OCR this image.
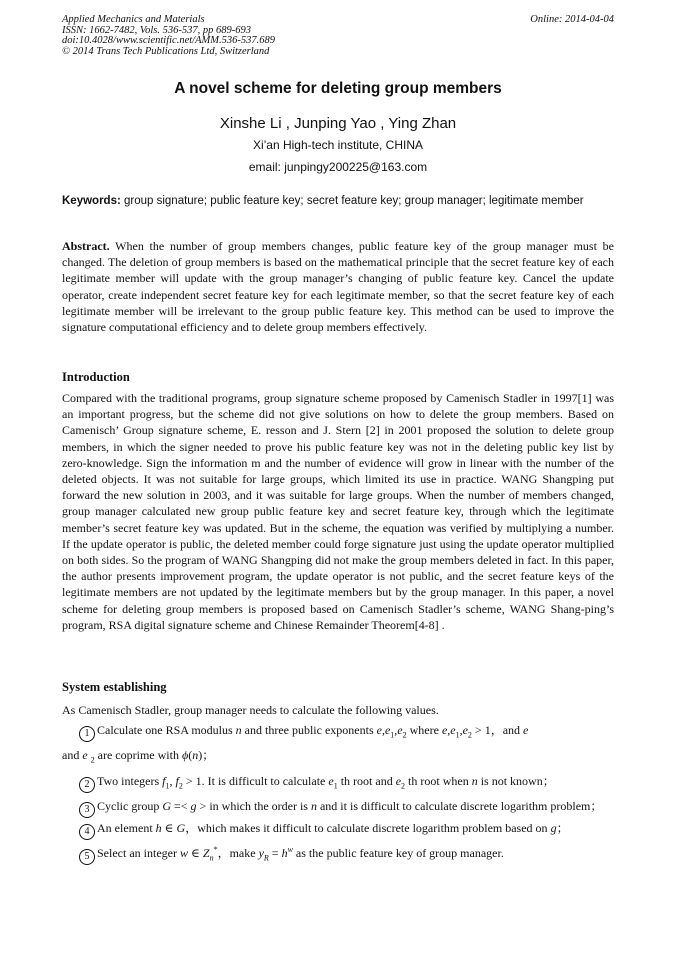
Applied Mechanics and Materials
ISSN: 1662-7482, Vols. 536-537, pp 689-693
doi:10.4028/www.scientific.net/AMM.536-537.689
© 2014 Trans Tech Publications Ltd, Switzerland
Online: 2014-04-04
A novel scheme for deleting group members
Xinshe Li , Junping Yao , Ying Zhan
Xi’an High-tech institute, CHINA
email: junpingy200225@163.com
Keywords: group signature; public feature key; secret feature key; group manager; legitimate member
Abstract. When the number of group members changes, public feature key of the group manager must be changed. The deletion of group members is based on the mathematical principle that the secret feature key of each legitimate member will update with the group manager’s changing of public feature key. Cancel the update operator, create independent secret feature key for each legitimate member, so that the secret feature key of each legitimate member will be irrelevant to the group public feature key. This method can be used to improve the signature computational efficiency and to delete group members effectively.
Introduction
Compared with the traditional programs, group signature scheme proposed by Camenisch Stadler in 1997[1] was an important progress, but the scheme did not give solutions on how to delete the group members. Based on Camenisch’ Group signature scheme, E. resson and J. Stern [2] in 2001 proposed the solution to delete group members, in which the signer needed to prove his public feature key was not in the deleting public key list by zero-knowledge. Sign the information m and the number of evidence will grow in linear with the number of the deleted objects. It was not suitable for large groups, which limited its use in practice. WANG Shangping put forward the new solution in 2003, and it was suitable for large groups. When the number of members changed, group manager calculated new group public feature key and secret feature key, through which the legitimate member’s secret feature key was updated. But in the scheme, the equation was verified by multiplying a number. If the update operator is public, the deleted member could forge signature just using the update operator multiplied on both sides. So the program of WANG Shangping did not make the group members deleted in fact. In this paper, the author presents improvement program, the update operator is not public, and the secret feature keys of the legitimate members are not updated by the legitimate members but by the group manager. In this paper, a novel scheme for deleting group members is proposed based on Camenisch Stadler’s scheme, WANG Shang-ping’s program, RSA digital signature scheme and Chinese Remainder Theorem[4-8] .
System establishing
As Camenisch Stadler, group manager needs to calculate the following values.
1 Calculate one RSA modulus n and three public exponents $e,e_1,e_2$ where $e,e_1,e_2 > 1$，and e
and e $_2$ are coprime with ϕ(n)；
2 Two integers $f_1$, $f_2 > 1$. It is difficult to calculate $e_1$ th root and $e_2$ th root when n is not known；
3 Cyclic group G =< g > in which the order is n and it is difficult to calculate discrete logarithm problem；
4 An element h ∈ G，which makes it difficult to calculate discrete logarithm problem based on g；
5 Select an integer w ∈ $Z_n^*$，make $y_R = h^w$ as the public feature key of group manager.
